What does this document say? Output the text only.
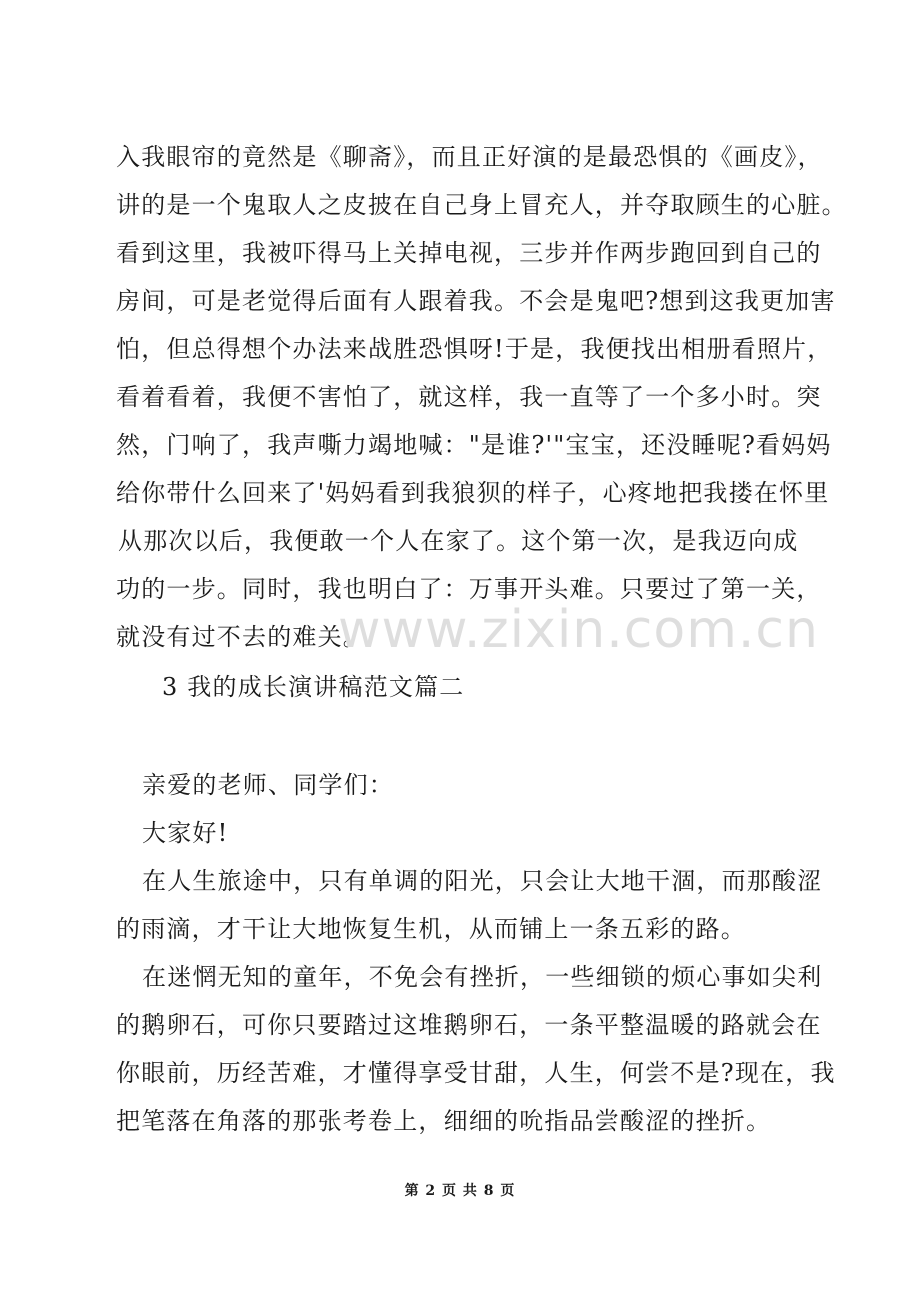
入我眼帘的竟然是《聊斋》，而且正好演的是最恐惧的《画皮》，
讲的是一个鬼取人之皮披在自己身上冒充人，并夺取顾生的心脏。
看到这里，我被吓得马上关掉电视，三步并作两步跑回到自己的
房间，可是老觉得后面有人跟着我。不会是鬼吧?想到这我更加害
怕，但总得想个办法来战胜恐惧呀!于是，我便找出相册看照片，
看着看着，我便不害怕了，就这样，我一直等了一个多小时。突
然，门响了，我声嘶力竭地喊："是谁?'"宝宝，还没睡呢?看妈妈
给你带什么回来了'妈妈看到我狼狈的样子，心疼地把我搂在怀里
从那次以后，我便敢一个人在家了。这个第一次，是我迈向成
功的一步。同时，我也明白了：万事开头难。只要过了第一关，
就没有过不去的难关。
3 我的成长演讲稿范文篇二
亲爱的老师、同学们：
大家好!
在人生旅途中，只有单调的阳光，只会让大地干涸，而那酸涩
的雨滴，才干让大地恢复生机，从而铺上一条五彩的路。
在迷惘无知的童年，不免会有挫折，一些细锁的烦心事如尖利
的鹅卵石，可你只要踏过这堆鹅卵石，一条平整温暖的路就会在
你眼前，历经苦难，才懂得享受甘甜，人生，何尝不是?现在，我
把笔落在角落的那张考卷上，细细的吮指品尝酸涩的挫折。
www.zixin.com.cn
第 2 页 共 8 页
